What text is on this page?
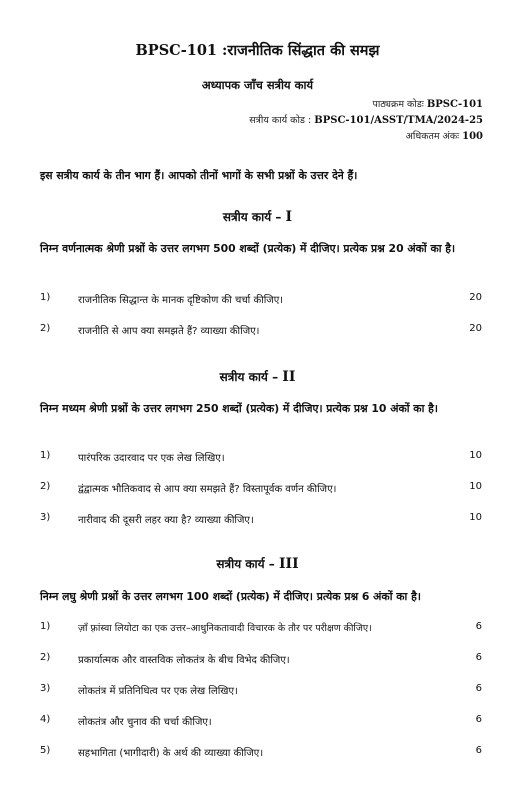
BPSC-101 :राजनीतिक सिंद्धात की समझ
अध्यापक जाँच सत्रीय कार्य
पाठ्यक्रम कोडः BPSC-101
सत्रीय कार्य कोड : BPSC-101/ASST/TMA/2024-25
अधिकतम अंकः 100
इस सत्रीय कार्य के तीन भाग हैं। आपको तीनों भागों के सभी प्रश्नों के उत्तर देने हैं।
सत्रीय कार्य – I
निम्न वर्णनात्मक श्रेणी प्रश्नों के उत्तर लगभग 500 शब्दों (प्रत्येक) में दीजिए। प्रत्येक प्रश्न 20 अंकों का है।
1)	राजनीतिक सिद्धान्त के मानक दृष्टिकोण की चर्चा कीजिए।	20
2)	राजनीति से आप क्या समझते हैं? व्याख्या कीजिए।	20
सत्रीय कार्य – II
निम्न मध्यम श्रेणी प्रश्नों के उत्तर लगभग 250 शब्दों (प्रत्येक) में दीजिए। प्रत्येक प्रश्न 10 अंकों का है।
1)	पारंपरिक उदारवाद पर एक लेख लिखिए।	10
2)	द्वंद्वात्मक भौतिकवाद से आप क्या समझते हैं? विस्तापूर्वक वर्णन कीजिए।	10
3)	नारीवाद की दूसरी लहर क्या है? व्याख्या कीजिए।	10
सत्रीय कार्य – III
निम्न लघु श्रेणी प्रश्नों के उत्तर लगभग 100 शब्दों (प्रत्येक) में दीजिए। प्रत्येक प्रश्न 6 अंकों का है।
1)	ज़ाँ फ़्रांस्वा लियोटा का एक उत्तर–आधुनिकतावादी विचारक के तौर पर परीक्षण कीजिए।	6
2)	प्रकार्यात्मक और वास्तविक लोकतंत्र के बीच विभेद कीजिए।	6
3)	लोकतंत्र में प्रतिनिधित्व पर एक लेख लिखिए।	6
4)	लोकतंत्र और चुनाव की चर्चा कीजिए।	6
5)	सहभागिता (भागीदारी) के अर्थ की व्याख्या कीजिए।	6
